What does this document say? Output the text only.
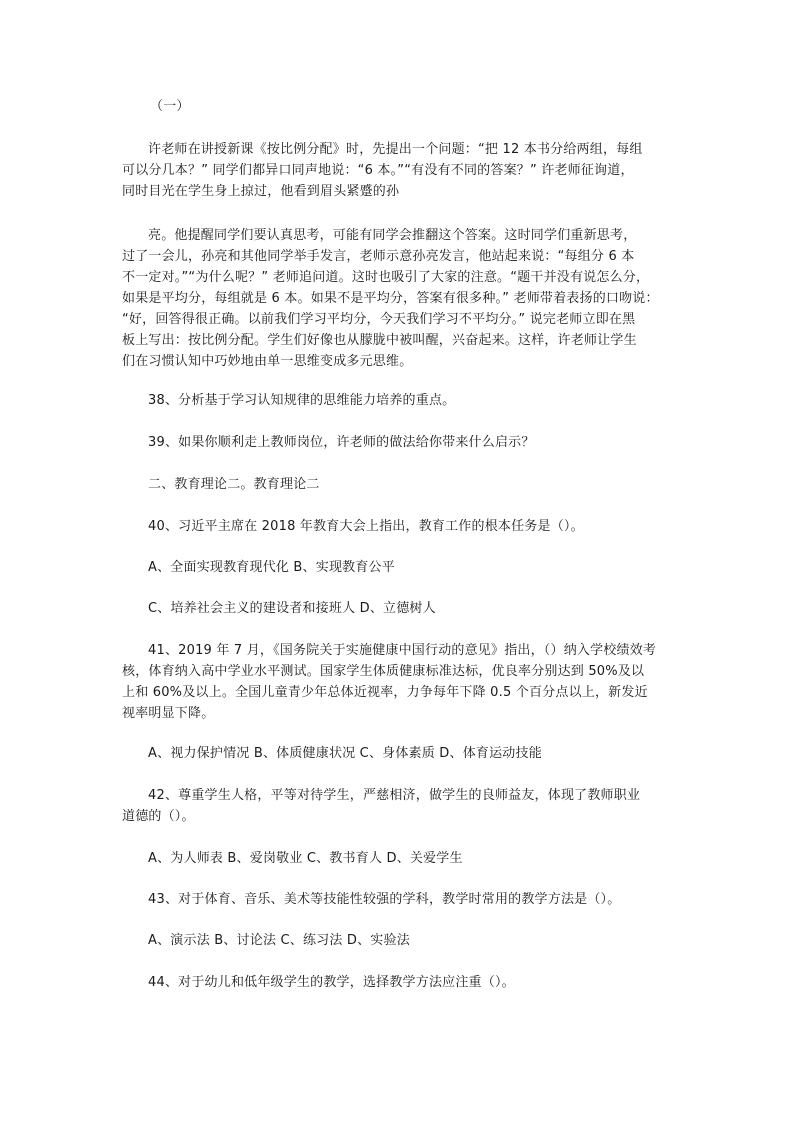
（一）

许老师在讲授新课《按比例分配》时，先提出一个问题：“把 12 本书分给两组，每组
可以分几本？” 同学们都异口同声地说：“6 本。”“有没有不同的答案？” 许老师征询道，
同时目光在学生身上掠过，他看到眉头紧蹙的孙

亮。他提醒同学们要认真思考，可能有同学会推翻这个答案。这时同学们重新思考，
过了一会儿，孙亮和其他同学举手发言，老师示意孙亮发言，他站起来说：“每组分 6 本
不一定对。”“为什么呢？” 老师追问道。这时也吸引了大家的注意。“题干并没有说怎么分，
如果是平均分，每组就是 6 本。如果不是平均分，答案有很多种。” 老师带着表扬的口吻说：
“好，回答得很正确。以前我们学习平均分，今天我们学习不平均分。” 说完老师立即在黑
板上写出：按比例分配。学生们好像也从朦胧中被叫醒，兴奋起来。这样，许老师让学生
们在习惯认知中巧妙地由单一思维变成多元思维。

38、分析基于学习认知规律的思维能力培养的重点。

39、如果你顺利走上教师岗位，许老师的做法给你带来什么启示？

二、教育理论二。教育理论二

40、习近平主席在 2018 年教育大会上指出，教育工作的根本任务是（）。

A、全面实现教育现代化 B、实现教育公平

C、培养社会主义的建设者和接班人 D、立德树人

41、2019 年 7 月，《国务院关于实施健康中国行动的意见》指出，（）纳入学校绩效考
核，体育纳入高中学业水平测试。国家学生体质健康标准达标，优良率分别达到 50%及以
上和 60%及以上。全国儿童青少年总体近视率，力争每年下降 0.5 个百分点以上，新发近
视率明显下降。

A、视力保护情况 B、体质健康状况 C、身体素质 D、体育运动技能

42、尊重学生人格，平等对待学生，严慈相济，做学生的良师益友，体现了教师职业
道德的（）。

A、为人师表 B、爱岗敬业 C、教书育人 D、关爱学生

43、对于体育、音乐、美术等技能性较强的学科，教学时常用的教学方法是（）。

A、演示法 B、讨论法 C、练习法 D、实验法

44、对于幼儿和低年级学生的教学，选择教学方法应注重（）。
